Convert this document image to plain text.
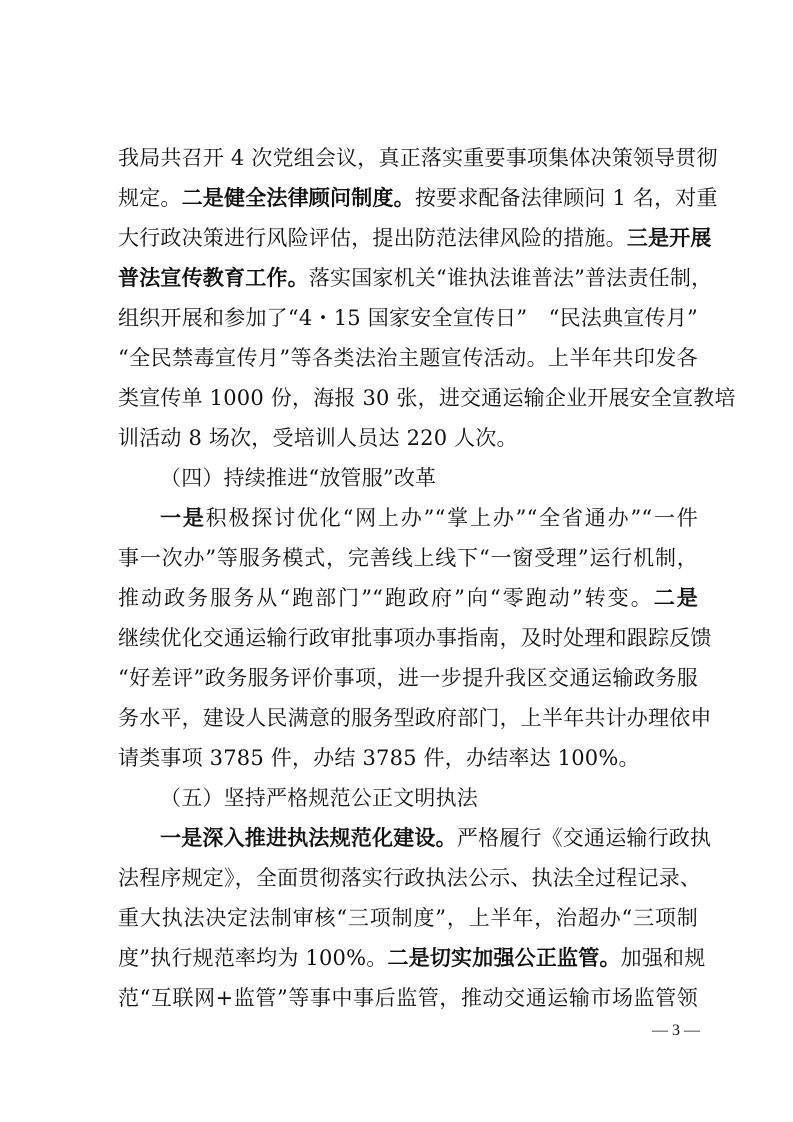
我局共召开 4 次党组会议，真正落实重要事项集体决策领导贯彻
规定。二是健全法律顾问制度。按要求配备法律顾问 1 名，对重
大行政决策进行风险评估，提出防范法律风险的措施。三是开展
普法宣传教育工作。落实国家机关“谁执法谁普法”普法责任制，
组织开展和参加了“4・15 国家安全宣传日”　“民法典宣传月”
“全民禁毒宣传月”等各类法治主题宣传活动。上半年共印发各
类宣传单 1000 份，海报 30 张，进交通运输企业开展安全宣教培
训活动 8 场次，受培训人员达 220 人次。
（四）持续推进“放管服”改革
一是积极探讨优化“网上办”“掌上办”“全省通办”“一件
事一次办”等服务模式，完善线上线下“一窗受理”运行机制，
推动政务服务从“跑部门”“跑政府”向“零跑动”转变。二是
继续优化交通运输行政审批事项办事指南，及时处理和跟踪反馈
“好差评”政务服务评价事项，进一步提升我区交通运输政务服
务水平，建设人民满意的服务型政府部门，上半年共计办理依申
请类事项 3785 件，办结 3785 件，办结率达 100%。
（五）坚持严格规范公正文明执法
一是深入推进执法规范化建设。严格履行《交通运输行政执
法程序规定》，全面贯彻落实行政执法公示、执法全过程记录、
重大执法决定法制审核“三项制度”，上半年，治超办“三项制
度”执行规范率均为 100%。二是切实加强公正监管。加强和规
范“互联网+监管”等事中事后监管，推动交通运输市场监管领
— 3 —
